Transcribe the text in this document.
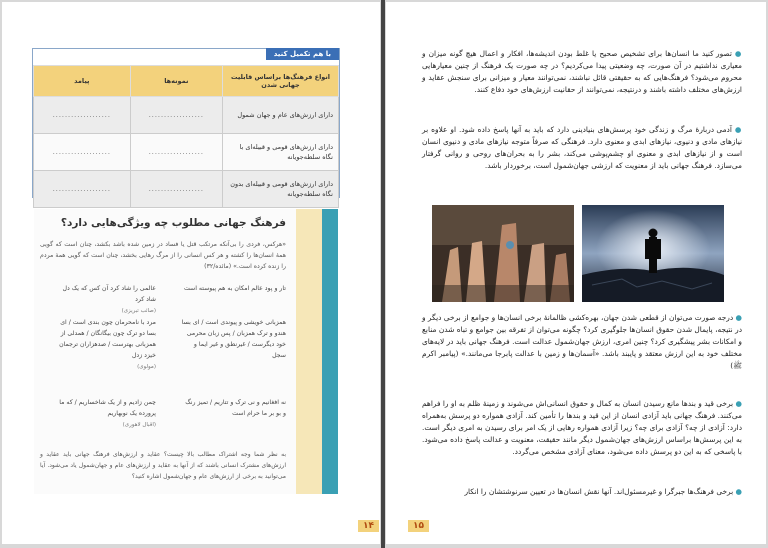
با هم تکمیل کنید
انواع فرهنگ‌ها براساس قابلیت جهانی شدن	نمونه‌ها	پیامد
دارای ارزش‌های عام و جهان شمول	..................	...................
دارای ارزش‌های قومی و قبیله‌ای با نگاه سلطه‌جویانه	..................	...................
دارای ارزش‌های قومی و قبیله‌ای بدون نگاه سلطه‌جویانه	..................	...................
فرهنگ جهانی مطلوب چه ویژگی‌هایی دارد؟
«هرکس، فردی را بی‌آنکه مرتکب قتل یا فساد در زمین شده باشد بکشد، چنان است که گویی همهٔ انسان‌ها را کشته و هر کس انسانی را از مرگ رهایی بخشد، چنان است که گویی همهٔ مردم را زنده کرده است.» (مائده/۳۲)
تار و پود عالم امکان به هم پیوسته است
عالمی را شاد کرد آن کس که یک دل شاد کرد
(صائب تبریزی)
همزبانی خویشی و پیوندی است / ای بسا هندو و ترک همزبان / پس زبان محرمی خود دیگرست / غیرنطق و غیر ایما و سجل
مرد با نامحرمان چون بندی است / ای بسا دو ترک چون بیگانگان / همدلی از همزبانی بهترست / صدهزاران ترجمان خیزد زدل
(مولوی)
نه افغانیم و نی ترک و تتاریم / تمیز رنگ و بو بر ما حرام است
چمن زادیم و از یک شاخساریم / که ما پرورده یک نوبهاریم
(اقبال لاهوری)
به نظر شما وجه اشتراک مطالب بالا چیست؟ عقاید و ارزش‌های فرهنگ جهانی باید عقاید و ارزش‌های مشترک انسانی باشند که از آنها به عقاید و ارزش‌های عام و جهان‌شمول یاد می‌شود. آیا می‌توانید به برخی از ارزش‌های عام و جهان‌شمول اشاره کنید؟
۱۴
● تصور کنید ما انسان‌ها برای تشخیص صحیح یا غلط بودن اندیشه‌ها، افکار و اعمال هیچ گونه میزان و معیاری نداشتیم در آن صورت، چه وضعیتی پیدا می‌کردیم؟ در چه صورت یک فرهنگ از چنین معیارهایی محروم می‌شود؟ فرهنگ‌هایی که به حقیقتی قائل نباشند، نمی‌توانند معیار و میزانی برای سنجش عقاید و ارزش‌های مختلف داشته باشند و درنتیجه، نمی‌توانند از حقانیت ارزش‌های خود دفاع کنند.
● آدمی دربارهٔ مرگ و زندگی خود پرسش‌های بنیادینی دارد که باید به آنها پاسخ داده شود. او علاوه بر نیازهای مادی و دنیوی، نیازهای ابدی و معنوی دارد. فرهنگی که صرفاً متوجه نیازهای مادی و دنیوی انسان است و از نیازهای ابدی و معنوی او چشم‌پوشی می‌کند، بشر را به بحران‌های روحی و روانی گرفتار می‌سازد. فرهنگ جهانی باید از معنویت که ارزشی جهان‌شمول است، برخوردار باشد.
● درجه صورت می‌توان از قطعی شدن جهان، بهره‌کشی ظالمانهٔ برخی انسان‌ها و جوامع از برخی دیگر و در نتیجه، پایمال شدن حقوق انسان‌ها جلوگیری کرد؟ چگونه می‌توان از تفرقه بین جوامع و تباه شدن منابع و امکانات بشر پیشگیری کرد؟ چنین امری، ارزش جهان‌شمول عدالت است. فرهنگ جهانی باید در لایه‌های مختلف خود به این ارزش معتقد و پایبند باشد. «آسمان‌ها و زمین با عدالت پابرجا می‌مانند.» (پیامبر اکرم ﷺ)
● برخی قید و بندها مانع رسیدن انسان به کمال و حقوق انسانی‌اش می‌شوند و زمینهٔ ظلم به او را فراهم می‌کنند. فرهنگ جهانی باید آزادی انسان از این قید و بندها را تأمین کند. آزادی همواره دو پرسش به‌همراه دارد: آزادی از چه؟ آزادی برای چه؟ زیرا آزادی همواره رهایی از یک امر برای رسیدن به امری دیگر است. به این پرسش‌ها براساس ارزش‌های جهان‌شمول دیگر مانند حقیقت، معنویت و عدالت پاسخ داده می‌شود. با پاسخی که به این دو پرسش داده می‌شود، معنای آزادی مشخص می‌گردد.
● برخی فرهنگ‌ها جبرگرا و غیرمسئول‌اند. آنها نقش انسان‌ها در تعیین سرنوشتشان را انکار
۱۵
